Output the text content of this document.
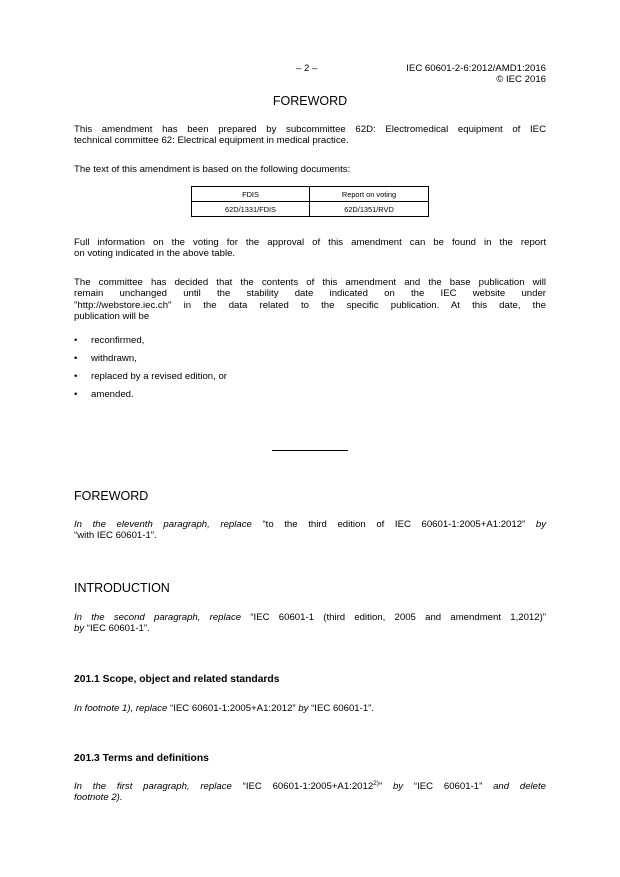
– 2 –	IEC 60601-2-6:2012/AMD1:2016
© IEC 2016
FOREWORD
This amendment has been prepared by subcommittee 62D: Electromedical equipment of IEC
technical committee 62: Electrical equipment in medical practice.
The text of this amendment is based on the following documents:
FDIS	Report on voting
62D/1331/FDIS	62D/1351/RVD
Full information on the voting for the approval of this amendment can be found in the report
on voting indicated in the above table.
The committee has decided that the contents of this amendment and the base publication will
remain unchanged until the stability date indicated on the IEC website under
"http://webstore.iec.ch" in the data related to the specific publication. At this date, the
publication will be
• reconfirmed,
• withdrawn,
• replaced by a revised edition, or
• amended.
FOREWORD
In the eleventh paragraph, replace “to the third edition of IEC 60601-1:2005+A1:2012” by
“with IEC 60601-1”.
INTRODUCTION
In the second paragraph, replace “IEC 60601-1 (third edition, 2005 and amendment 1,2012)”
by “IEC 60601-1”.
201.1 Scope, object and related standards
In footnote 1), replace “IEC 60601-1:2005+A1:2012” by “IEC 60601-1”.
201.3 Terms and definitions
In the first paragraph, replace “IEC $60601-1:2005+A1:2012^{2)}$” by “IEC 60601-1” and delete
footnote 2).
